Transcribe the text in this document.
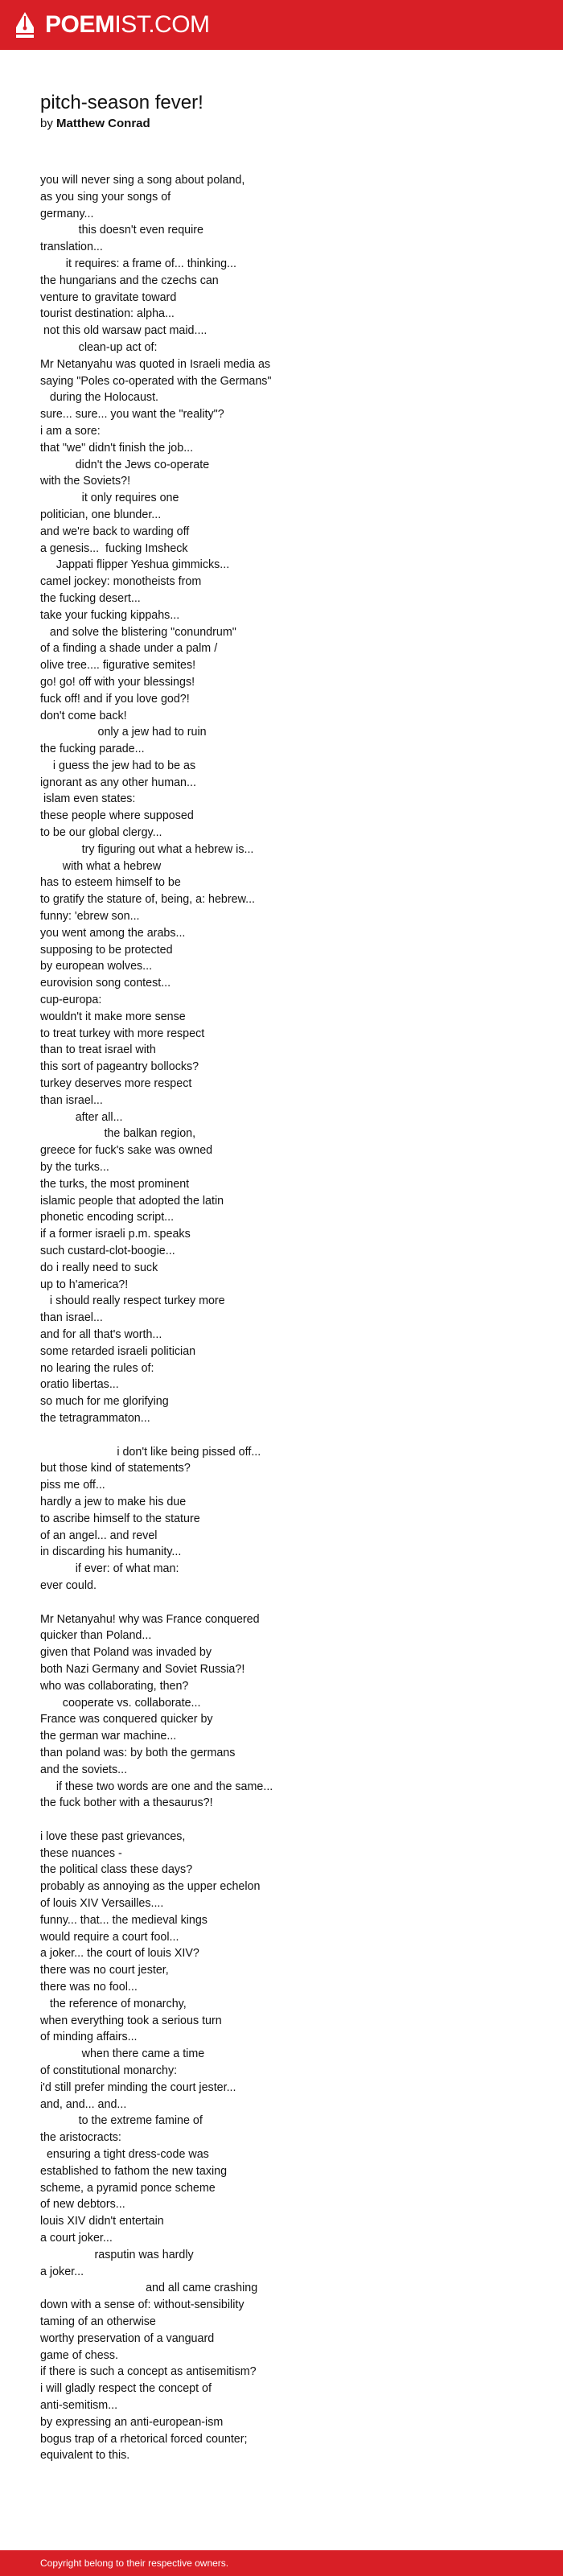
POEMIST.COM
pitch-season fever!
by Matthew Conrad
you will never sing a song about poland,
as you sing your songs of
germany...
this doesn't even require
translation...
it requires: a frame of... thinking...
the hungarians and the czechs can
venture to gravitate toward
tourist destination: alpha...
not this old warsaw pact maid....
clean-up act of:
Mr Netanyahu was quoted in Israeli media as
saying "Poles co-operated with the Germans"
during the Holocaust.
sure... sure... you want the "reality"?
i am a sore:
that "we" didn't finish the job...
didn't the Jews co-operate
with the Soviets?!
it only requires one
politician, one blunder...
and we're back to warding off
a genesis...  fucking Imsheck
Jappati flipper Yeshua gimmicks...
camel jockey: monotheists from
the fucking desert...
take your fucking kippahs...
and solve the blistering "conundrum"
of a finding a shade under a palm /
olive tree.... figurative semites!
go! go! off with your blessings!
fuck off! and if you love god?!
don't come back!
only a jew had to ruin
the fucking parade...
i guess the jew had to be as
ignorant as any other human...
islam even states:
these people where supposed
to be our global clergy...
try figuring out what a hebrew is...
with what a hebrew
has to esteem himself to be
to gratify the stature of, being, a: hebrew...
funny: 'ebrew son...
you went among the arabs...
supposing to be protected
by european wolves...
eurovision song contest...
cup-europa:
wouldn't it make more sense
to treat turkey with more respect
than to treat israel with
this sort of pageantry bollocks?
turkey deserves more respect
than israel...
after all...
the balkan region,
greece for fuck's sake was owned
by the turks...
the turks, the most prominent
islamic people that adopted the latin
phonetic encoding script...
if a former israeli p.m. speaks
such custard-clot-boogie...
do i really need to suck
up to h'america?!
i should really respect turkey more
than israel...
and for all that's worth...
some retarded israeli politician
no learing the rules of:
oratio libertas...
so much for me glorifying
the tetragrammaton...
i don't like being pissed off...
but those kind of statements?
piss me off...
hardly a jew to make his due
to ascribe himself to the stature
of an angel... and revel
in discarding his humanity...
if ever: of what man:
ever could.
Mr Netanyahu! why was France conquered
quicker than Poland...
given that Poland was invaded by
both Nazi Germany and Soviet Russia?!
who was collaborating, then?
cooperate vs. collaborate...
France was conquered quicker by
the german war machine...
than poland was: by both the germans
and the soviets...
if these two words are one and the same...
the fuck bother with a thesaurus?!
i love these past grievances,
these nuances -
the political class these days?
probably as annoying as the upper echelon
of louis XIV Versailles....
funny... that... the medieval kings
would require a court fool...
a joker... the court of louis XIV?
there was no court jester,
there was no fool...
the reference of monarchy,
when everything took a serious turn
of minding affairs...
when there came a time
of constitutional monarchy:
i'd still prefer minding the court jester...
and, and... and...
to the extreme famine of
the aristocracts:
ensuring a tight dress-code was
established to fathom the new taxing
scheme, a pyramid ponce scheme
of new debtors...
louis XIV didn't entertain
a court joker...
rasputin was hardly
a joker...
and all came crashing
down with a sense of: without-sensibility
taming of an otherwise
worthy preservation of a vanguard
game of chess.
if there is such a concept as antisemitism?
i will gladly respect the concept of
anti-semitism...
by expressing an anti-european-ism
bogus trap of a rhetorical forced counter;
equivalent to this.
Copyright belong to their respective owners.
